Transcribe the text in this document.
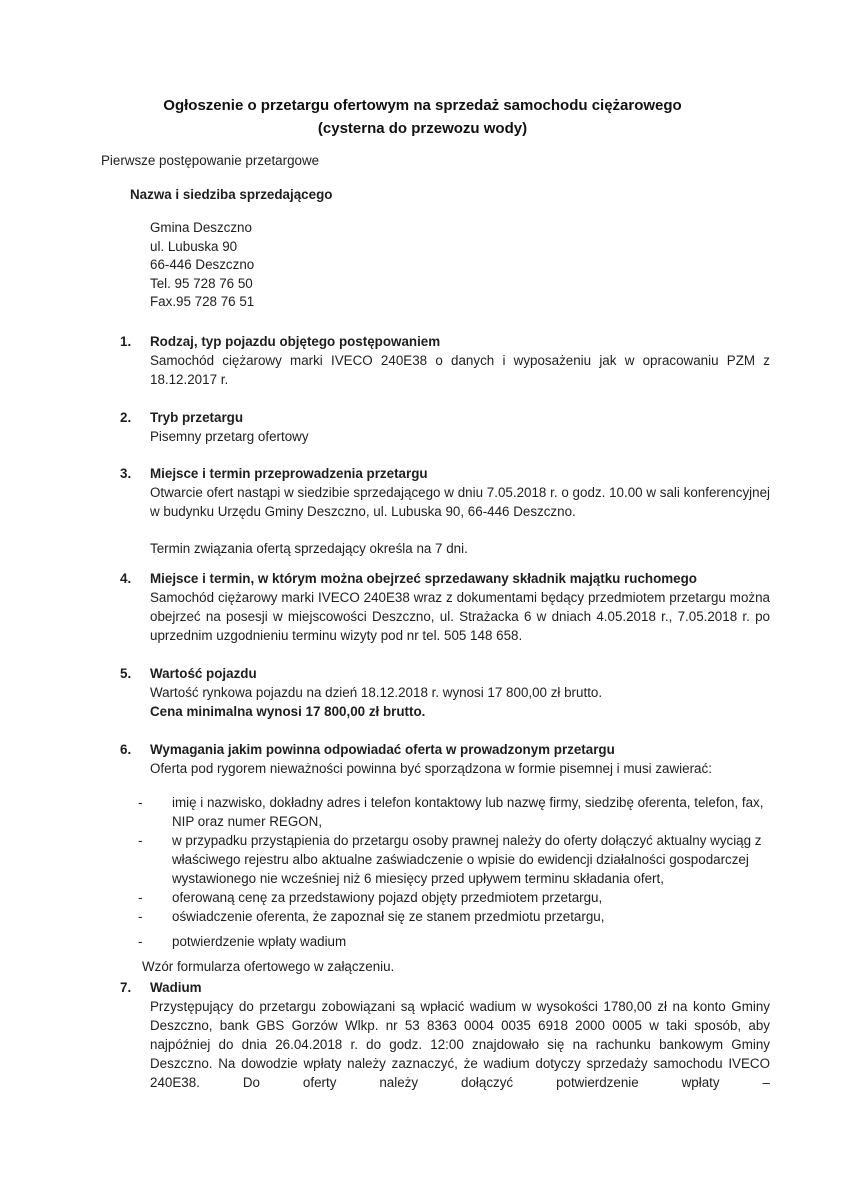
Ogłoszenie o przetargu ofertowym na sprzedaż samochodu ciężarowego
(cysterna do przewozu wody)
Pierwsze postępowanie przetargowe
Nazwa i siedziba sprzedającego
Gmina Deszczno
ul. Lubuska 90
66-446 Deszczno
Tel. 95 728 76 50
Fax.95 728 76 51
1.	Rodzaj, typ pojazdu objętego postępowaniem

Samochód ciężarowy marki IVECO 240E38 o danych i wyposażeniu jak w opracowaniu PZM z 18.12.2017 r.

2.	Tryb przetargu

Pisemny przetarg ofertowy

3.	Miejsce i termin przeprowadzenia przetargu

Otwarcie ofert nastąpi w siedzibie sprzedającego w dniu 7.05.2018 r. o godz. 10.00 w sali konferencyjnej w budynku Urzędu Gminy Deszczno, ul. Lubuska 90, 66-446 Deszczno.

Termin związania ofertą sprzedający określa na 7 dni.

4.	Miejsce i termin, w którym można obejrzeć sprzedawany składnik majątku ruchomego

Samochód ciężarowy marki IVECO 240E38 wraz z dokumentami będący przedmiotem przetargu można obejrzeć na posesji w miejscowości Deszczno, ul. Strażacka 6 w dniach 4.05.2018 r., 7.05.2018 r. po uprzednim uzgodnieniu terminu wizyty pod nr tel. 505 148 658.

5.	Wartość pojazdu

Wartość rynkowa pojazdu na dzień 18.12.2018 r. wynosi 17 800,00 zł brutto.

Cena minimalna wynosi 17 800,00 zł brutto.

6.	Wymagania jakim powinna odpowiadać oferta w prowadzonym przetargu

Oferta pod rygorem nieważności powinna być sporządzona w formie pisemnej i musi zawierać:

- imię i nazwisko, dokładny adres i telefon kontaktowy lub nazwę firmy, siedzibę oferenta, telefon, fax, NIP oraz numer REGON,
- w przypadku przystąpienia do przetargu osoby prawnej należy do oferty dołączyć aktualny wyciąg z właściwego rejestru albo aktualne zaświadczenie o wpisie do ewidencji działalności gospodarczej wystawionego nie wcześniej niż 6 miesięcy przed upływem terminu składania ofert,
- oferowaną cenę za przedstawiony pojazd objęty przedmiotem przetargu,
- oświadczenie oferenta, że zapoznał się ze stanem przedmiotu przetargu,
- potwierdzenie wpłaty wadium
Wzór formularza ofertowego w załączeniu.
7.	Wadium

Przystępujący do przetargu zobowiązani są wpłacić wadium w wysokości 1780,00 zł na konto Gminy Deszczno, bank GBS Gorzów Wlkp. nr 53 8363 0004 0035 6918 2000 0005 w taki sposób, aby najpóźniej do dnia 26.04.2018 r. do godz. 12:00 znajdowało się na rachunku bankowym Gminy Deszczno. Na dowodzie wpłaty należy zaznaczyć, że wadium dotyczy sprzedaży samochodu IVECO 240E38. Do oferty należy dołączyć potwierdzenie wpłaty –
